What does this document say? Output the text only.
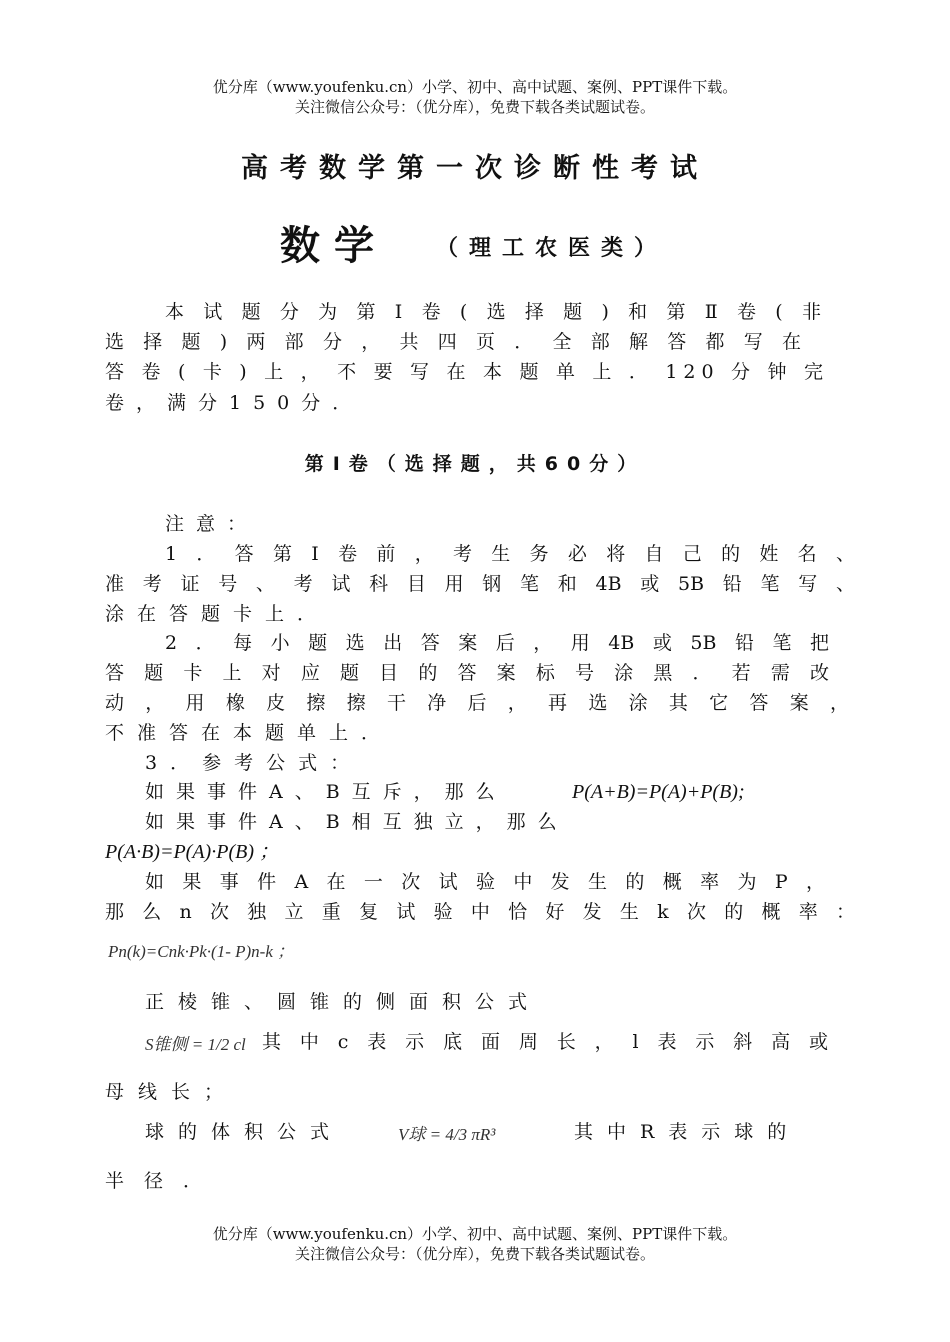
优分库（www.youfenku.cn）小学、初中、高中试题、案例、PPT课件下载。
关注微信公众号：（优分库），免费下载各类试题试卷。
高考数学第一次诊断性考试
数学 （理工农医类）
本试题分为第Ⅰ卷(选择题)和第Ⅱ卷(非
选择题)两部分，共四页．全部解答都写在
答卷(卡)上，不要写在本题单上．120分钟完
卷，满分150分．
第Ⅰ卷（选择题，共60分）
注意：
1．答第Ⅰ卷前，考生务必将自己的姓名、
准考证号、考试科目用钢笔和4B或5B铅笔写、
涂在答题卡上．
2．每小题选出答案后，用4B或5B铅笔把
答题卡上对应题目的答案标号涂黑．若需改
动，用橡皮擦擦干净后，再选涂其它答案，
不准答在本题单上．
3．参考公式：
如果事件A、B互斥，那么	P(A+B)=P(A)+P(B);
如果事件A、B相互独立，那么
P(A·B)=P(A)·P(B) ；
如果事件A在一次试验中发生的概率为P，
那么n次独立重复试验中恰好发生k次的概率：
Pn(k)=Cnk·Pk·(1- P)n-k ；
正棱锥、圆锥的侧面积公式
S锥侧 = 1/2 cl 其中c表示底面周长，l表示斜高或
母线长；
球的体积公式	V球 = 4/3 πR³	其中R表示球的
半径．
优分库（www.youfenku.cn）小学、初中、高中试题、案例、PPT课件下载。
关注微信公众号：（优分库），免费下载各类试题试卷。
